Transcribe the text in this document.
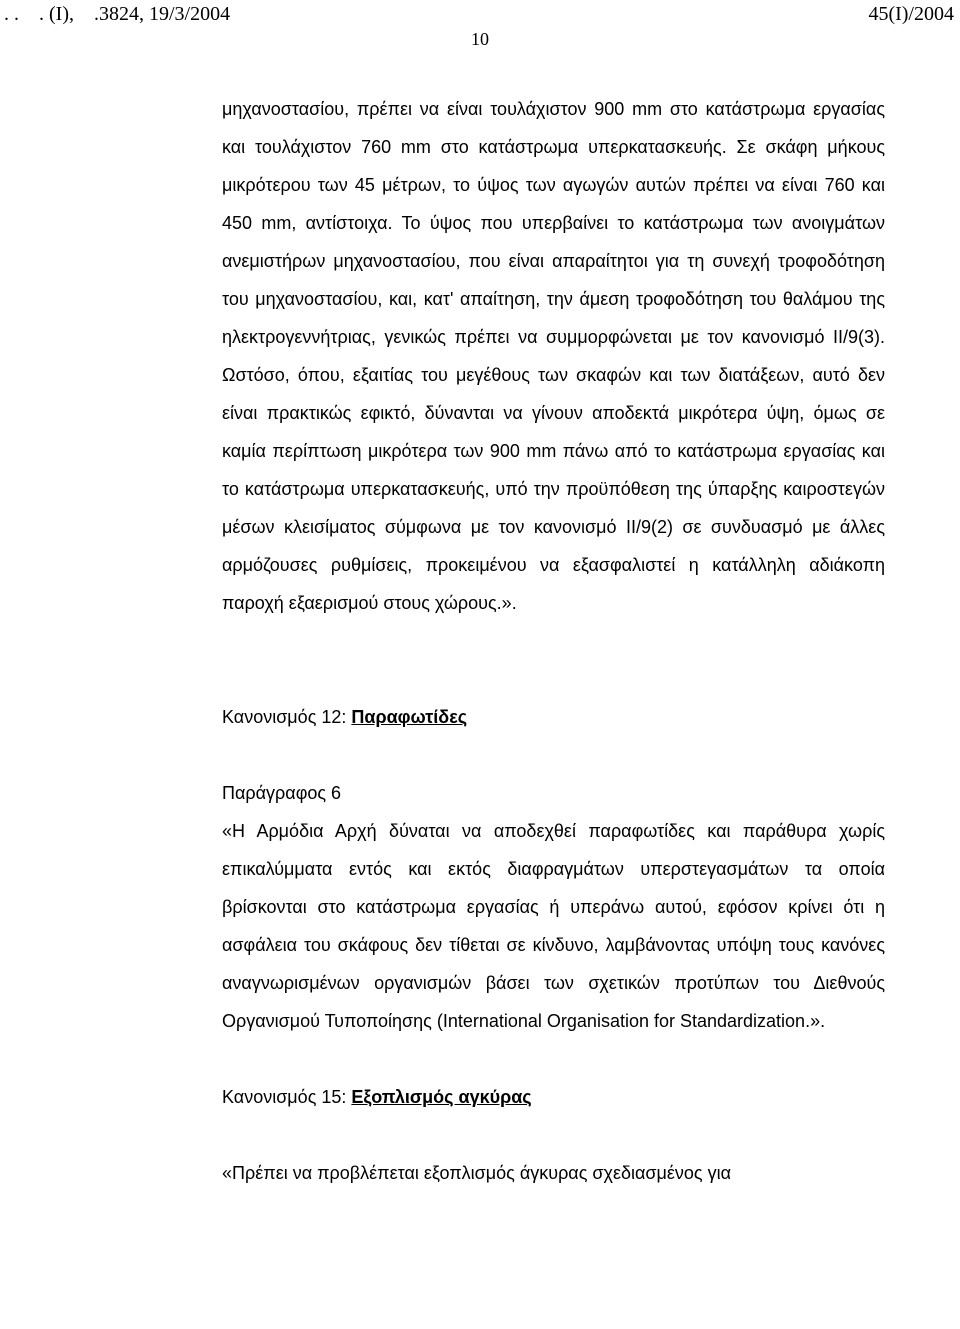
. .    . (I),    .3824, 19/3/2004	45(I)/2004
10

μηχανοστασίου, πρέπει να είναι τουλάχιστον 900 mm στο κατάστρωμα εργασίας και τουλάχιστον 760 mm στο κατάστρωμα υπερκατασκευής. Σε σκάφη μήκους μικρότερου των 45 μέτρων, το ύψος των αγωγών αυτών πρέπει να είναι 760 και 450 mm, αντίστοιχα. Το ύψος που υπερβαίνει το κατάστρωμα των ανοιγμάτων ανεμιστήρων μηχανοστασίου, που είναι απαραίτητοι για τη συνεχή τροφοδότηση του μηχανοστασίου, και, κατ' απαίτηση, την άμεση τροφοδότηση του θαλάμου της ηλεκτρογεννήτριας, γενικώς πρέπει να συμμορφώνεται με τον κανονισμό II/9(3). Ωστόσο, όπου, εξαιτίας του μεγέθους των σκαφών και των διατάξεων, αυτό δεν είναι πρακτικώς εφικτό, δύνανται να γίνουν αποδεκτά μικρότερα ύψη, όμως σε καμία περίπτωση μικρότερα των 900 mm πάνω από το κατάστρωμα εργασίας και το κατάστρωμα υπερκατασκευής, υπό την προϋπόθεση της ύπαρξης καιροστεγών μέσων κλεισίματος σύμφωνα με τον κανονισμό II/9(2) σε συνδυασμό με άλλες αρμόζουσες ρυθμίσεις, προκειμένου να εξασφαλιστεί η κατάλληλη αδιάκοπη παροχή εξαερισμού στους χώρους.».

Κανονισμός 12: Παραφωτίδες

Παράγραφος 6

«Η Αρμόδια Αρχή δύναται να αποδεχθεί παραφωτίδες και παράθυρα χωρίς επικαλύμματα εντός και εκτός διαφραγμάτων υπερστεγασμάτων τα οποία βρίσκονται στο κατάστρωμα εργασίας ή υπεράνω αυτού, εφόσον κρίνει ότι η ασφάλεια του σκάφους δεν τίθεται σε κίνδυνο, λαμβάνοντας υπόψη τους κανόνες αναγνωρισμένων οργανισμών βάσει των σχετικών προτύπων του Διεθνούς Οργανισμού Τυποποίησης (International Organisation for Standardization.».

Κανονισμός 15: Εξοπλισμός αγκύρας

«Πρέπει να προβλέπεται εξοπλισμός άγκυρας σχεδιασμένος για
